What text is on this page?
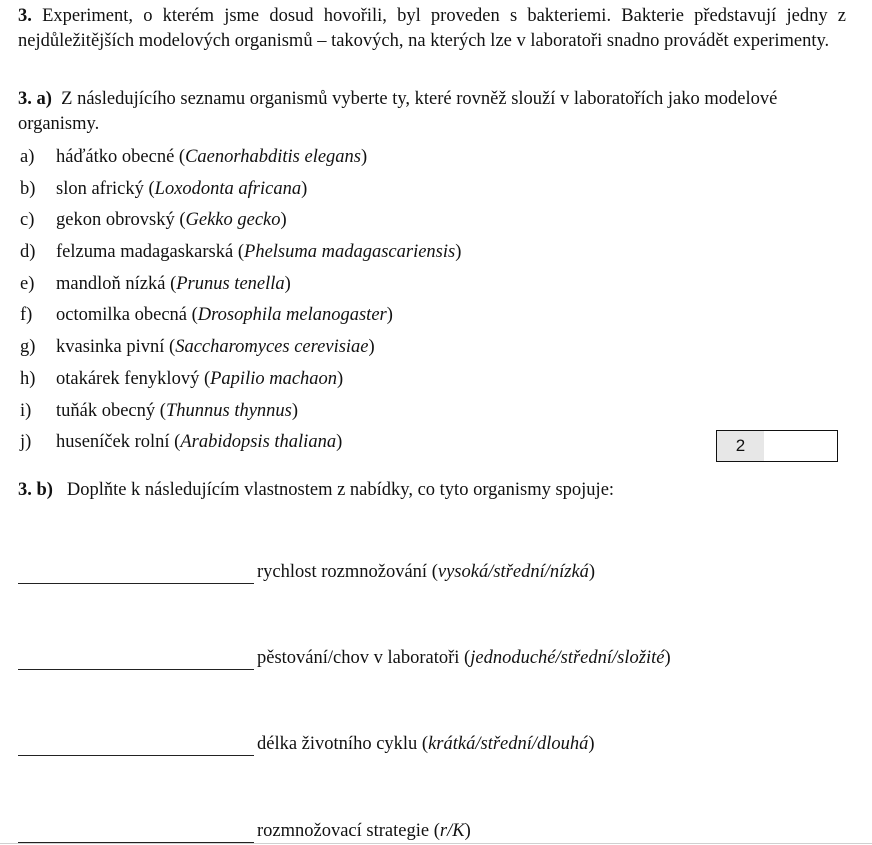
3. Experiment, o kterém jsme dosud hovořili, byl proveden s bakteriemi. Bakterie představují jedny z nejdůležitějších modelových organismů – takových, na kterých lze v laboratoři snadno provádět experimenty.
3. a) Z následujícího seznamu organismů vyberte ty, které rovněž slouží v laboratořích jako modelové organismy.
a)	háďátko obecné ( Caenorhabditis elegans )
b)	slon africký ( Loxodonta africana )
c)	gekon obrovský ( Gekko gecko )
d)	felzuma madagaskarská ( Phelsuma madagascariensis )
e)	mandloň nízká ( Prunus tenella )
f)	octomilka obecná ( Drosophila melanogaster )
g)	kvasinka pivní ( Saccharomyces cerevisiae )
h)	otakárek fenyklový ( Papilio machaon )
i)	tuňák obecný ( Thunnus thynnus )
j)	huseníček rolní ( Arabidopsis thaliana )	2
3. b) Doplňte k následujícím vlastnostem z nabídky, co tyto organismy spojuje:
rychlost rozmnožování ( vysoká/střední/nízká )
pěstování/chov v laboratoři ( jednoduché/střední/složité )
délka životního cyklu ( krátká/střední/dlouhá )
rozmnožovací strategie ( r/K )
